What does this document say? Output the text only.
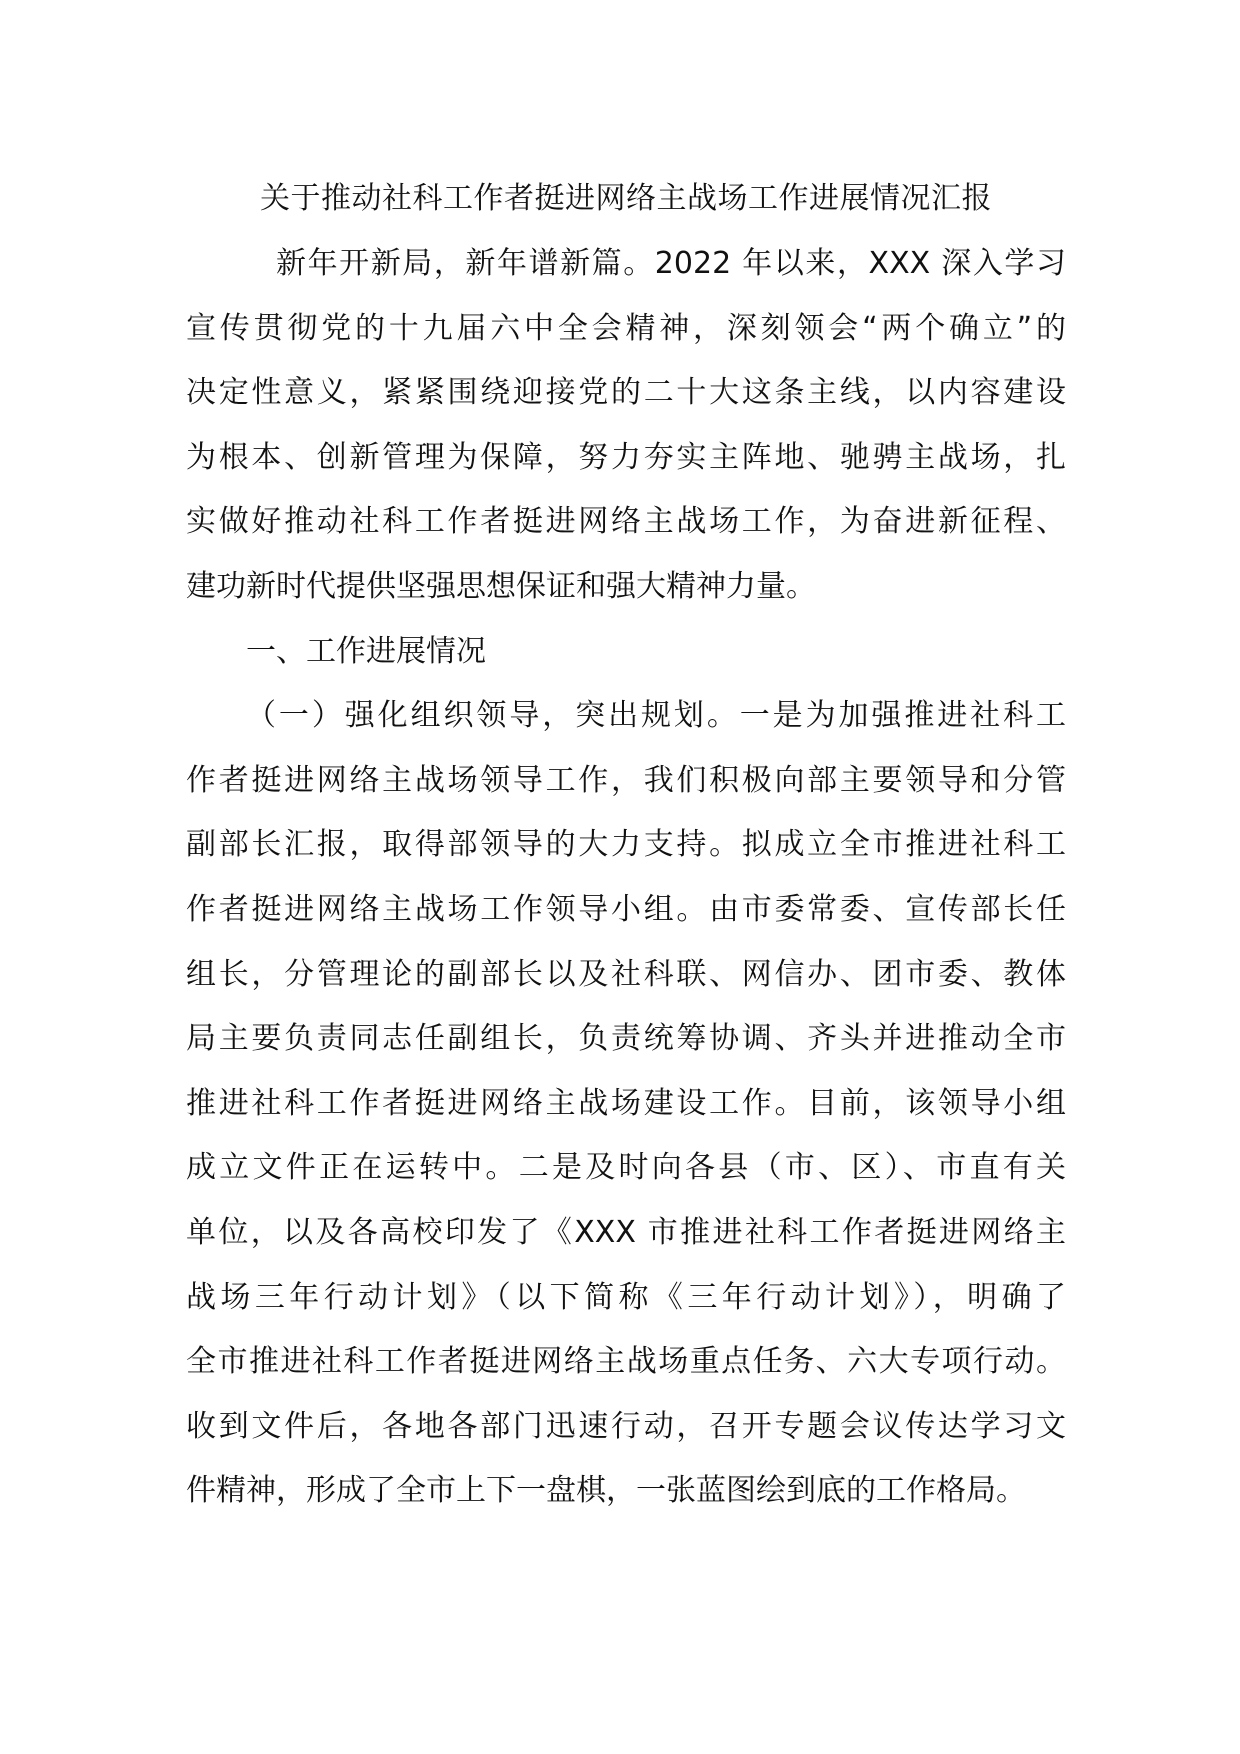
关于推动社科工作者挺进网络主战场工作进展情况汇报
新年开新局，新年谱新篇。2022 年以来，XXX 深入学习
宣传贯彻党的十九届六中全会精神，深刻领会“两个确立”的
决定性意义，紧紧围绕迎接党的二十大这条主线，以内容建设
为根本、创新管理为保障，努力夯实主阵地、驰骋主战场，扎
实做好推动社科工作者挺进网络主战场工作，为奋进新征程、
建功新时代提供坚强思想保证和强大精神力量。
一、工作进展情况
（一）强化组织领导，突出规划。一是为加强推进社科工
作者挺进网络主战场领导工作，我们积极向部主要领导和分管
副部长汇报，取得部领导的大力支持。拟成立全市推进社科工
作者挺进网络主战场工作领导小组。由市委常委、宣传部长任
组长，分管理论的副部长以及社科联、网信办、团市委、教体
局主要负责同志任副组长，负责统筹协调、齐头并进推动全市
推进社科工作者挺进网络主战场建设工作。目前，该领导小组
成立文件正在运转中。二是及时向各县（市、区）、市直有关
单位，以及各高校印发了《XXX 市推进社科工作者挺进网络主
战场三年行动计划》（以下简称《三年行动计划》），明确了
全市推进社科工作者挺进网络主战场重点任务、六大专项行动。
收到文件后，各地各部门迅速行动，召开专题会议传达学习文
件精神，形成了全市上下一盘棋，一张蓝图绘到底的工作格局。
